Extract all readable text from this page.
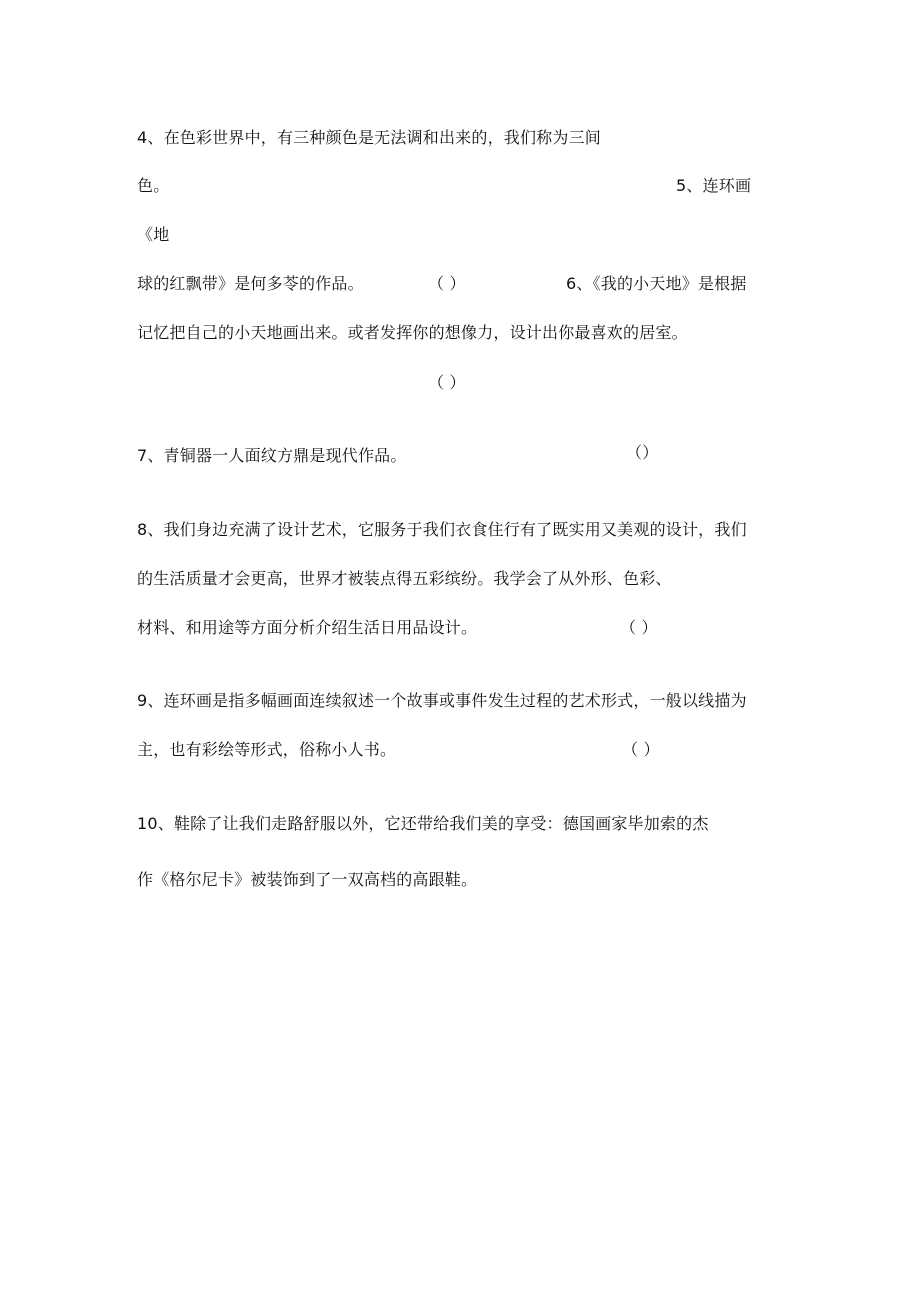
4、在色彩世界中，有三种颜色是无法调和出来的，我们称为三间
色。	5、连环画
《地
球的红飘带》是何多苓的作品。	（ ）	6、《我的小天地》是根据
记忆把自己的小天地画出来。或者发挥你的想像力，设计出你最喜欢的居室。
（ ）
7、青铜器一人面纹方鼎是现代作品。	（）
8、我们身边充满了设计艺术，它服务于我们衣食住行有了既实用又美观的设计，我们
的生活质量才会更高，世界才被装点得五彩缤纷。我学会了从外形、色彩、
材料、和用途等方面分析介绍生活日用品设计。	（ ）
9、连环画是指多幅画面连续叙述一个故事或事件发生过程的艺术形式，一般以线描为
主，也有彩绘等形式，俗称小人书。	（ ）
10、鞋除了让我们走路舒服以外，它还带给我们美的享受：德国画家毕加索的杰
作《格尔尼卡》被装饰到了一双高档的高跟鞋。
